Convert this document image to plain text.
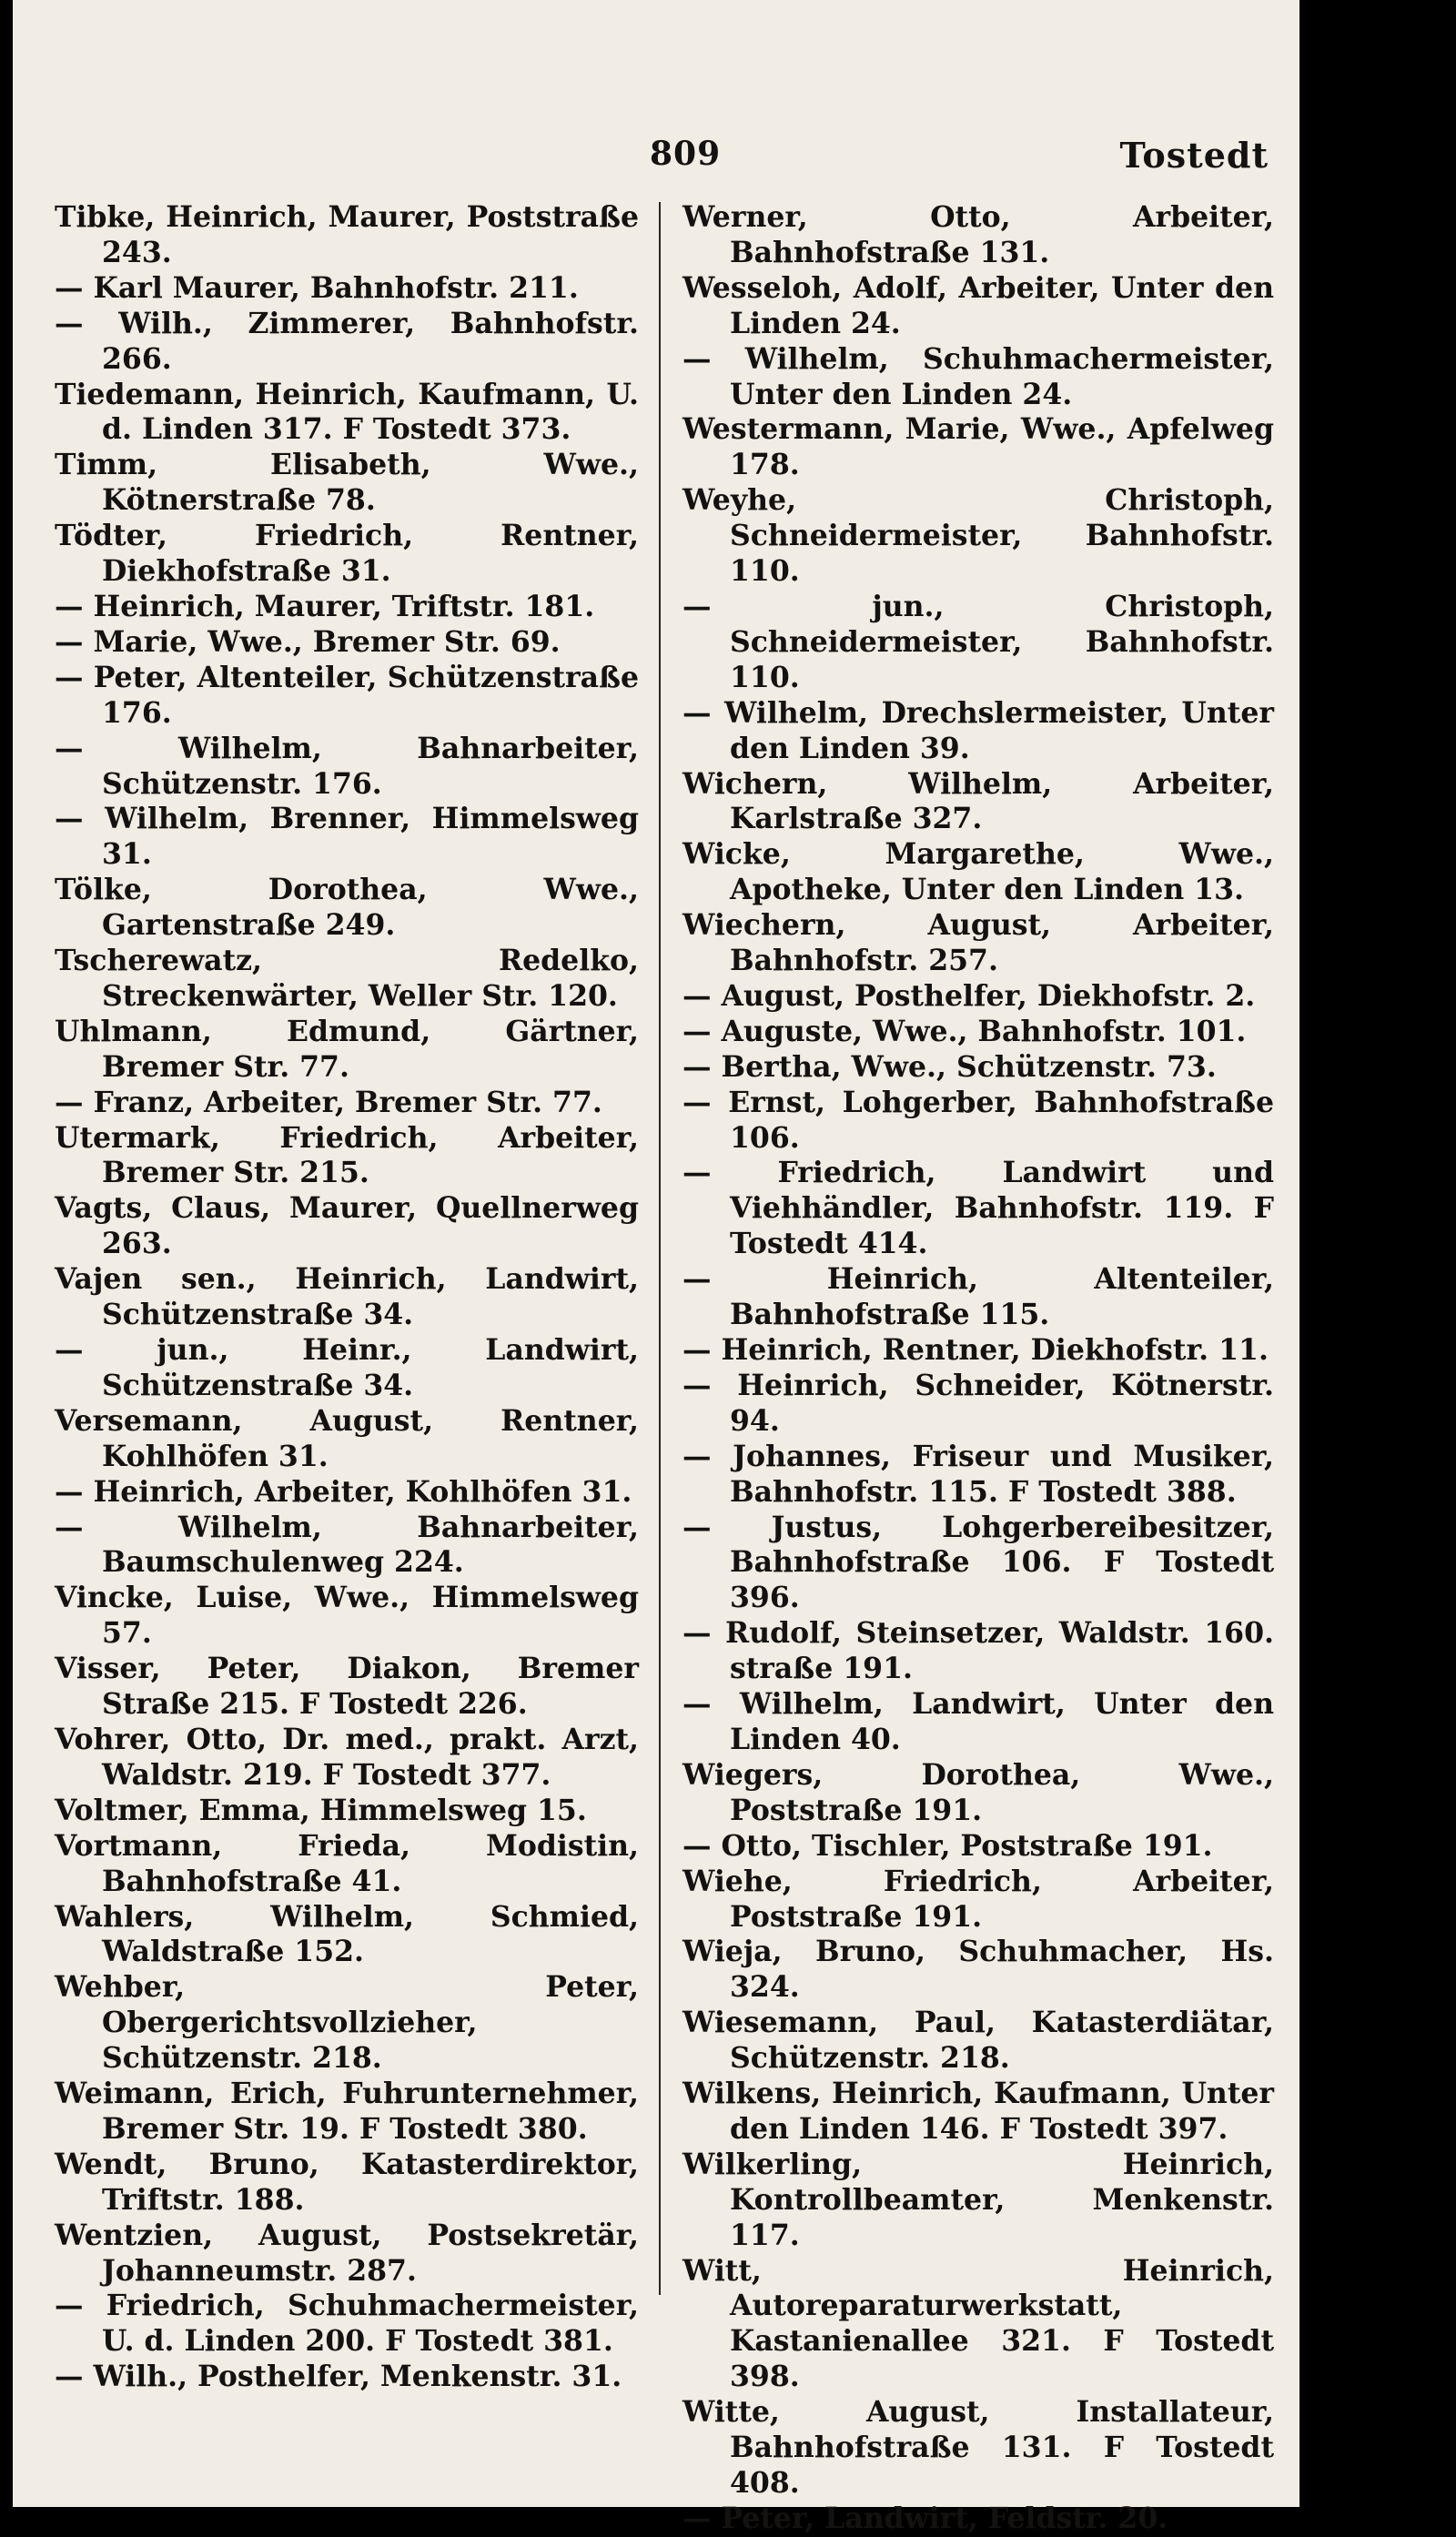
809	Tostedt
Tibke, Heinrich, Maurer, Poststraße 243.
— Karl Maurer, Bahnhofstr. 211.
— Wilh., Zimmerer, Bahnhofstr. 266.
Tiedemann, Heinrich, Kaufmann, U. d. Linden 317. F Tostedt 373.
Timm, Elisabeth, Wwe., Kötnerstraße 78.
Tödter, Friedrich, Rentner, Diekhofstraße 31.
— Heinrich, Maurer, Triftstr. 181.
— Marie, Wwe., Bremer Str. 69.
— Peter, Altenteiler, Schützenstraße 176.
— Wilhelm, Bahnarbeiter, Schützenstr. 176.
— Wilhelm, Brenner, Himmelsweg 31.
Tölke, Dorothea, Wwe., Gartenstraße 249.
Tscherewatz, Redelko, Streckenwärter, Weller Str. 120.
Uhlmann, Edmund, Gärtner, Bremer Str. 77.
— Franz, Arbeiter, Bremer Str. 77.
Utermark, Friedrich, Arbeiter, Bremer Str. 215.
Vagts, Claus, Maurer, Quellnerweg 263.
Vajen sen., Heinrich, Landwirt, Schützenstraße 34.
— jun., Heinr., Landwirt, Schützenstraße 34.
Versemann, August, Rentner, Kohlhöfen 31.
— Heinrich, Arbeiter, Kohlhöfen 31.
— Wilhelm, Bahnarbeiter, Baumschulenweg 224.
Vincke, Luise, Wwe., Himmelsweg 57.
Visser, Peter, Diakon, Bremer Straße 215. F Tostedt 226.
Vohrer, Otto, Dr. med., prakt. Arzt, Waldstr. 219. F Tostedt 377.
Voltmer, Emma, Himmelsweg 15.
Vortmann, Frieda, Modistin, Bahnhofstraße 41.
Wahlers, Wilhelm, Schmied, Waldstraße 152.
Wehber, Peter, Obergerichtsvollzieher, Schützenstr. 218.
Weimann, Erich, Fuhrunternehmer, Bremer Str. 19. F Tostedt 380.
Wendt, Bruno, Katasterdirektor, Triftstr. 188.
Wentzien, August, Postsekretär, Johanneumstr. 287.
— Friedrich, Schuhmachermeister, U. d. Linden 200. F Tostedt 381.
— Wilh., Posthelfer, Menkenstr. 31.
Werner, Otto, Arbeiter, Bahnhofstraße 131.
Wesseloh, Adolf, Arbeiter, Unter den Linden 24.
— Wilhelm, Schuhmachermeister, Unter den Linden 24.
Westermann, Marie, Wwe., Apfelweg 178.
Weyhe, Christoph, Schneidermeister, Bahnhofstr. 110.
— jun., Christoph, Schneidermeister, Bahnhofstr. 110.
— Wilhelm, Drechslermeister, Unter den Linden 39.
Wichern, Wilhelm, Arbeiter, Karlstraße 327.
Wicke, Margarethe, Wwe., Apotheke, Unter den Linden 13.
Wiechern, August, Arbeiter, Bahnhofstr. 257.
— August, Posthelfer, Diekhofstr. 2.
— Auguste, Wwe., Bahnhofstr. 101.
— Bertha, Wwe., Schützenstr. 73.
— Ernst, Lohgerber, Bahnhofstraße 106.
— Friedrich, Landwirt und Viehhändler, Bahnhofstr. 119. F Tostedt 414.
— Heinrich, Altenteiler, Bahnhofstraße 115.
— Heinrich, Rentner, Diekhofstr. 11.
— Heinrich, Schneider, Kötnerstr. 94.
— Johannes, Friseur und Musiker, Bahnhofstr. 115. F Tostedt 388.
— Justus, Lohgerbereibesitzer, Bahnhofstraße 106. F Tostedt 396.
— Rudolf, Steinsetzer, Waldstr. 160. straße 191.
— Wilhelm, Landwirt, Unter den Linden 40.
Wiegers, Dorothea, Wwe., Poststraße 191.
— Otto, Tischler, Poststraße 191.
Wiehe, Friedrich, Arbeiter, Poststraße 191.
Wieja, Bruno, Schuhmacher, Hs. 324.
Wiesemann, Paul, Katasterdiätar, Schützenstr. 218.
Wilkens, Heinrich, Kaufmann, Unter den Linden 146. F Tostedt 397.
Wilkerling, Heinrich, Kontrollbeamter, Menkenstr. 117.
Witt, Heinrich, Autoreparaturwerkstatt, Kastanienallee 321. F Tostedt 398.
Witte, August, Installateur, Bahnhofstraße 131. F Tostedt 408.
— Peter, Landwirt, Feldstr. 20.
